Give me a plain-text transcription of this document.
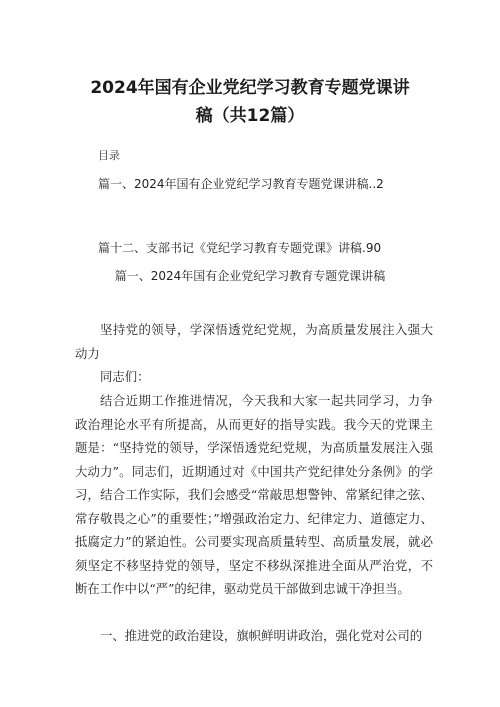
2024年国有企业党纪学习教育专题党课讲
稿（共12篇）
目录
篇一、2024年国有企业党纪学习教育专题党课讲稿..2
篇十二、支部书记《党纪学习教育专题党课》讲稿.90
篇一、2024年国有企业党纪学习教育专题党课讲稿

坚持党的领导，学深悟透党纪党规，为高质量发展注入强大动力

同志们：

结合近期工作推进情况，今天我和大家一起共同学习，力争政治理论水平有所提高，从而更好的指导实践。我今天的党课主题是：“坚持党的领导，学深悟透党纪党规，为高质量发展注入强大动力”。同志们，近期通过对《中国共产党纪律处分条例》的学习，结合工作实际，我们会感受“常敲思想警钟、常紧纪律之弦、常存敬畏之心”的重要性；”增强政治定力、纪律定力、道德定力、抵腐定力”的紧迫性。公司要实现高质量转型、高质量发展，就必须坚定不移坚持党的领导，坚定不移纵深推进全面从严治党，不断在工作中以“严”的纪律，驱动党员干部做到忠诚干净担当。

一、推进党的政治建设，旗帜鲜明讲政治，强化党对公司的
